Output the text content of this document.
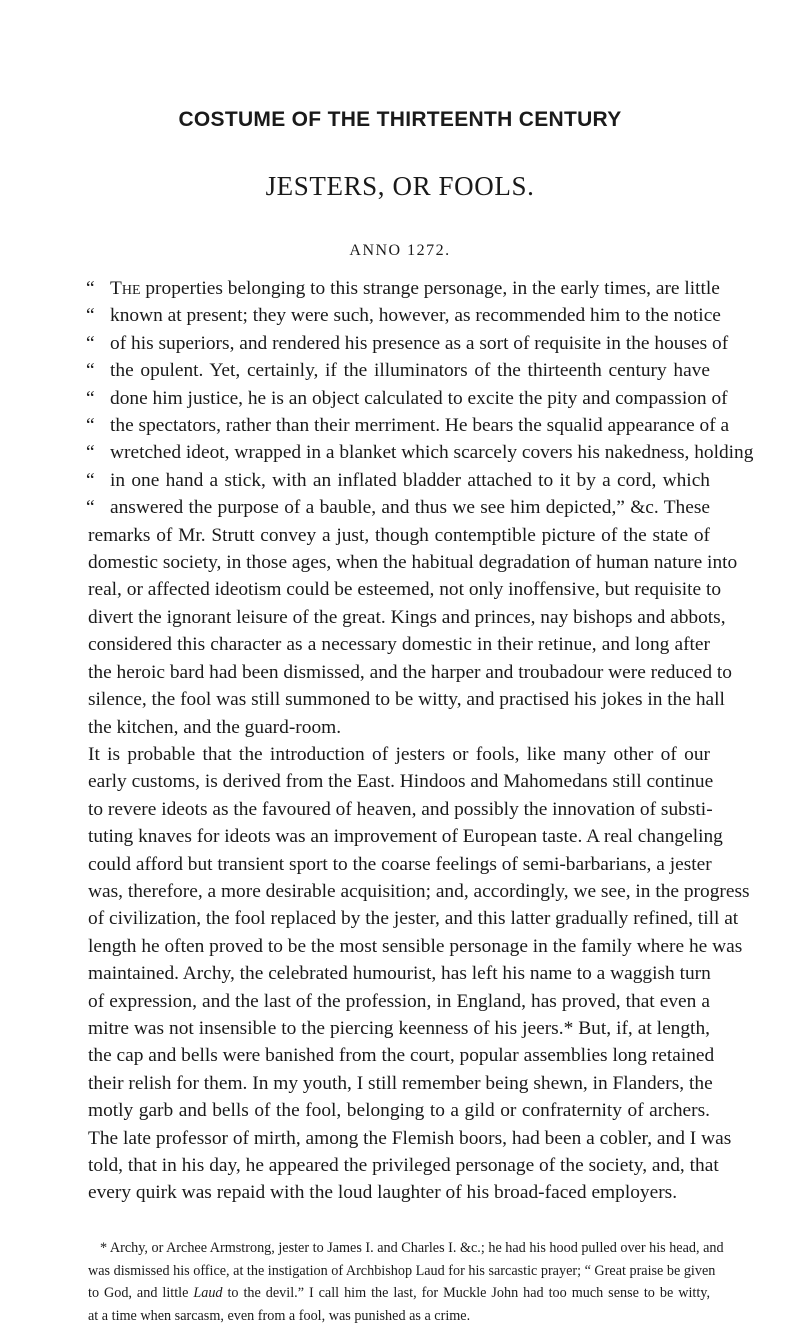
COSTUME OF THE THIRTEENTH CENTURY
JESTERS, OR FOOLS.
ANNO 1272.
“ The properties belonging to this strange personage, in the early times, are little
“ known at present; they were such, however, as recommended him to the notice
“ of his superiors, and rendered his presence as a sort of requisite in the houses of
“ the opulent. Yet, certainly, if the illuminators of the thirteenth century have
“ done him justice, he is an object calculated to excite the pity and compassion of
“ the spectators, rather than their merriment. He bears the squalid appearance of a
“ wretched ideot, wrapped in a blanket which scarcely covers his nakedness, holding
“ in one hand a stick, with an inflated bladder attached to it by a cord, which
“ answered the purpose of a bauble, and thus we see him depicted,” &c. These
remarks of Mr. Strutt convey a just, though contemptible picture of the state of
domestic society, in those ages, when the habitual degradation of human nature into
real, or affected ideotism could be esteemed, not only inoffensive, but requisite to
divert the ignorant leisure of the great. Kings and princes, nay bishops and abbots,
considered this character as a necessary domestic in their retinue, and long after
the heroic bard had been dismissed, and the harper and troubadour were reduced to
silence, the fool was still summoned to be witty, and practised his jokes in the hall
the kitchen, and the guard-room.
It is probable that the introduction of jesters or fools, like many other of our
early customs, is derived from the East. Hindoos and Mahomedans still continue
to revere ideots as the favoured of heaven, and possibly the innovation of substi-
tuting knaves for ideots was an improvement of European taste. A real changeling
could afford but transient sport to the coarse feelings of semi-barbarians, a jester
was, therefore, a more desirable acquisition; and, accordingly, we see, in the progress
of civilization, the fool replaced by the jester, and this latter gradually refined, till at
length he often proved to be the most sensible personage in the family where he was
maintained. Archy, the celebrated humourist, has left his name to a waggish turn
of expression, and the last of the profession, in England, has proved, that even a
mitre was not insensible to the piercing keenness of his jeers.* But, if, at length,
the cap and bells were banished from the court, popular assemblies long retained
their relish for them. In my youth, I still remember being shewn, in Flanders, the
motly garb and bells of the fool, belonging to a gild or confraternity of archers.
The late professor of mirth, among the Flemish boors, had been a cobler, and I was
told, that in his day, he appeared the privileged personage of the society, and, that
every quirk was repaid with the loud laughter of his broad-faced employers.
* Archy, or Archee Armstrong, jester to James I. and Charles I. &c.; he had his hood pulled over his head, and
was dismissed his office, at the instigation of Archbishop Laud for his sarcastic prayer; “ Great praise be given
to God, and little Laud to the devil.” I call him the last, for Muckle John had too much sense to be witty,
at a time when sarcasm, even from a fool, was punished as a crime.
